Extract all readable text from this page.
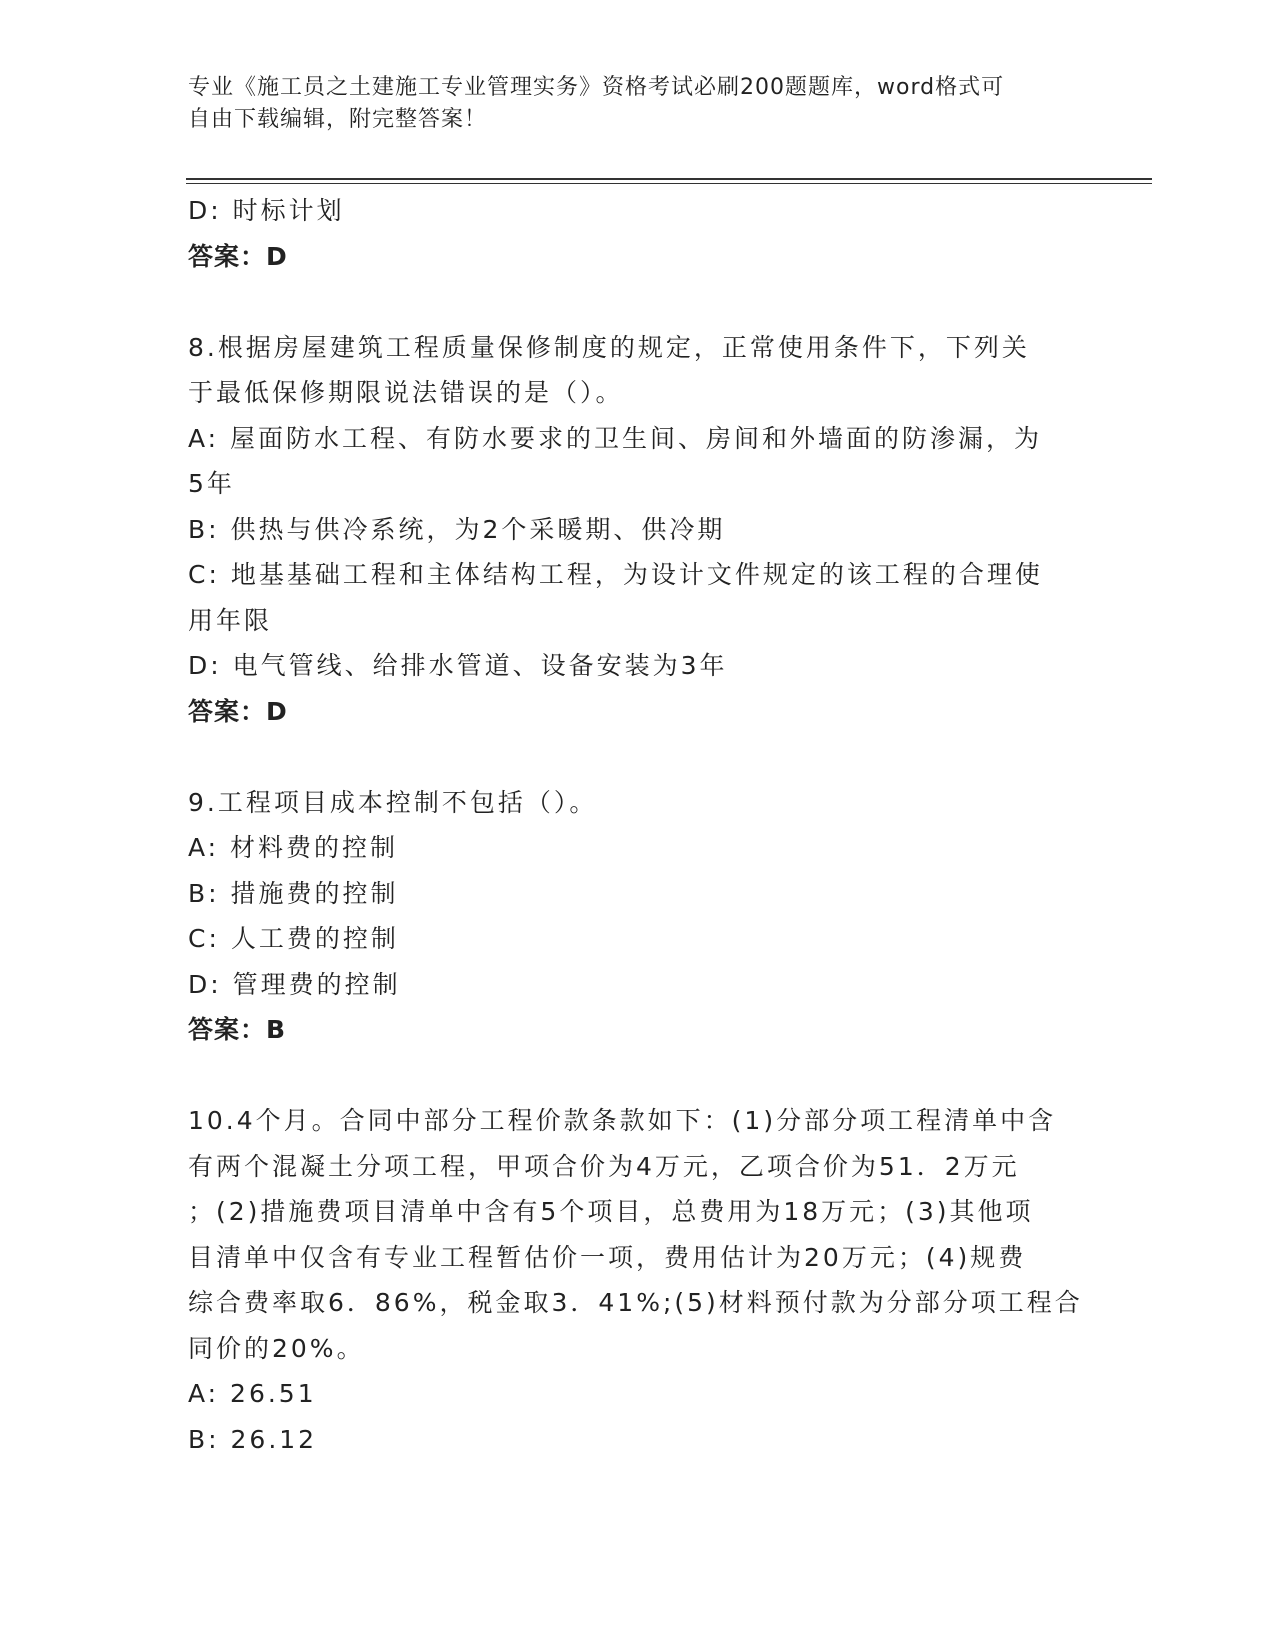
专业《施工员之土建施工专业管理实务》资格考试必刷200题题库，word格式可
自由下载编辑，附完整答案！
D: 时标计划
答案：D
8.根据房屋建筑工程质量保修制度的规定，正常使用条件下，下列关
于最低保修期限说法错误的是（）。
A: 屋面防水工程、有防水要求的卫生间、房间和外墙面的防渗漏，为
5年
B: 供热与供冷系统，为2个采暖期、供冷期
C: 地基基础工程和主体结构工程，为设计文件规定的该工程的合理使
用年限
D: 电气管线、给排水管道、设备安装为3年
答案：D
9.工程项目成本控制不包括（）。
A: 材料费的控制
B: 措施费的控制
C: 人工费的控制
D: 管理费的控制
答案：B
10.4个月。合同中部分工程价款条款如下：(1)分部分项工程清单中含
有两个混凝土分项工程，甲项合价为4万元，乙项合价为51．2万元
；(2)措施费项目清单中含有5个项目，总费用为18万元；(3)其他项
目清单中仅含有专业工程暂估价一项，费用估计为20万元；(4)规费
综合费率取6．86%，税金取3．41%;(5)材料预付款为分部分项工程合
同价的20%。
A: 26.51
B: 26.12
